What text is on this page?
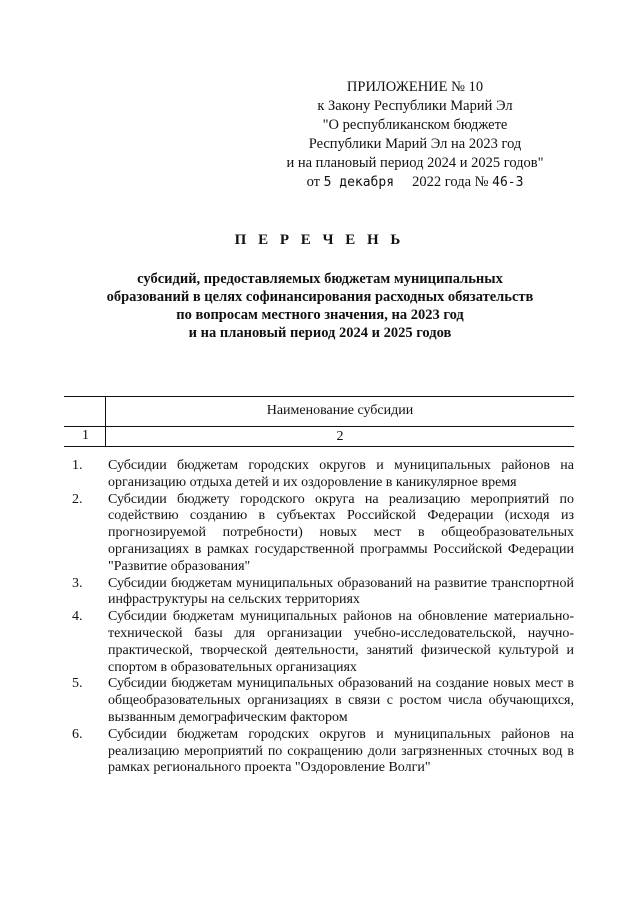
ПРИЛОЖЕНИЕ № 10
к Закону Республики Марий Эл
"О республиканском бюджете
Республики Марий Эл на 2023 год
и на плановый период 2024 и 2025 годов"
от 5 декабря 2022 года № 46-З
П Е Р Е Ч Е Н Ь
субсидий, предоставляемых бюджетам муниципальных
образований в целях софинансирования расходных обязательств
по вопросам местного значения, на 2023 год
и на плановый период 2024 и 2025 годов
Наименование субсидии
1	2
1.	Субсидии бюджетам городских округов и муниципальных районов на организацию отдыха детей и их оздоровление в каникулярное время
2.	Субсидии бюджету городского округа на реализацию мероприятий по содействию созданию в субъектах Российской Федерации (исходя из прогнозируемой потребности) новых мест в общеобразовательных организациях в рамках государственной программы Российской Федерации "Развитие образования"
3.	Субсидии бюджетам муниципальных образований на развитие транспортной инфраструктуры на сельских территориях
4.	Субсидии бюджетам муниципальных районов на обновление материально-технической базы для организации учебно-исследовательской, научно-практической, творческой деятельности, занятий физической культурой и спортом в образовательных организациях
5.	Субсидии бюджетам муниципальных образований на создание новых мест в общеобразовательных организациях в связи с ростом числа обучающихся, вызванным демографическим фактором
6.	Субсидии бюджетам городских округов и муниципальных районов на реализацию мероприятий по сокращению доли загрязненных сточных вод в рамках регионального проекта "Оздоровление Волги"
